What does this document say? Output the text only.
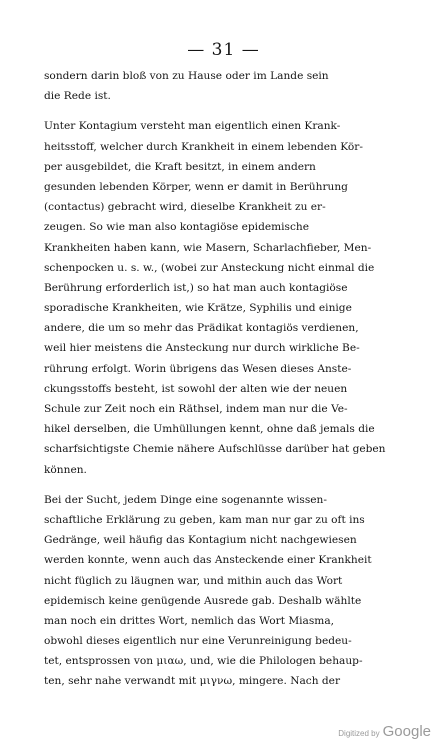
— 31 —
sondern darin bloß von zu Hause oder im Lande sein
die Rede ist.
Unter Kontagium versteht man eigentlich einen Krank-
heitsstoff, welcher durch Krankheit in einem lebenden Kör-
per ausgebildet, die Kraft besitzt, in einem andern
gesunden lebenden Körper, wenn er damit in Berührung
(contactus) gebracht wird, dieselbe Krankheit zu er-
zeugen. So wie man also kontagiöse epidemische
Krankheiten haben kann, wie Masern, Scharlachfieber, Men-
schenpocken u. s. w., (wobei zur Ansteckung nicht einmal die
Berührung erforderlich ist,) so hat man auch kontagiöse
sporadische Krankheiten, wie Krätze, Syphilis und einige
andere, die um so mehr das Prädikat kontagiös verdienen,
weil hier meistens die Ansteckung nur durch wirkliche Be-
rührung erfolgt. Worin übrigens das Wesen dieses Anste-
ckungsstoffs besteht, ist sowohl der alten wie der neuen
Schule zur Zeit noch ein Räthsel, indem man nur die Ve-
hikel derselben, die Umhüllungen kennt, ohne daß jemals die
scharfsichtigste Chemie nähere Aufschlüsse darüber hat geben
können.
Bei der Sucht, jedem Dinge eine sogenannte wissen-
schaftliche Erklärung zu geben, kam man nur gar zu oft ins
Gedränge, weil häufig das Kontagium nicht nachgewiesen
werden konnte, wenn auch das Ansteckende einer Krankheit
nicht füglich zu läugnen war, und mithin auch das Wort
epidemisch keine genügende Ausrede gab. Deshalb wählte
man noch ein drittes Wort, nemlich das Wort Miasma,
obwohl dieses eigentlich nur eine Verunreinigung bedeu-
tet, entsprossen von μιαω, und, wie die Philologen behaup-
ten, sehr nahe verwandt mit μιγνω, mingere. Nach der
Digitized by Google
